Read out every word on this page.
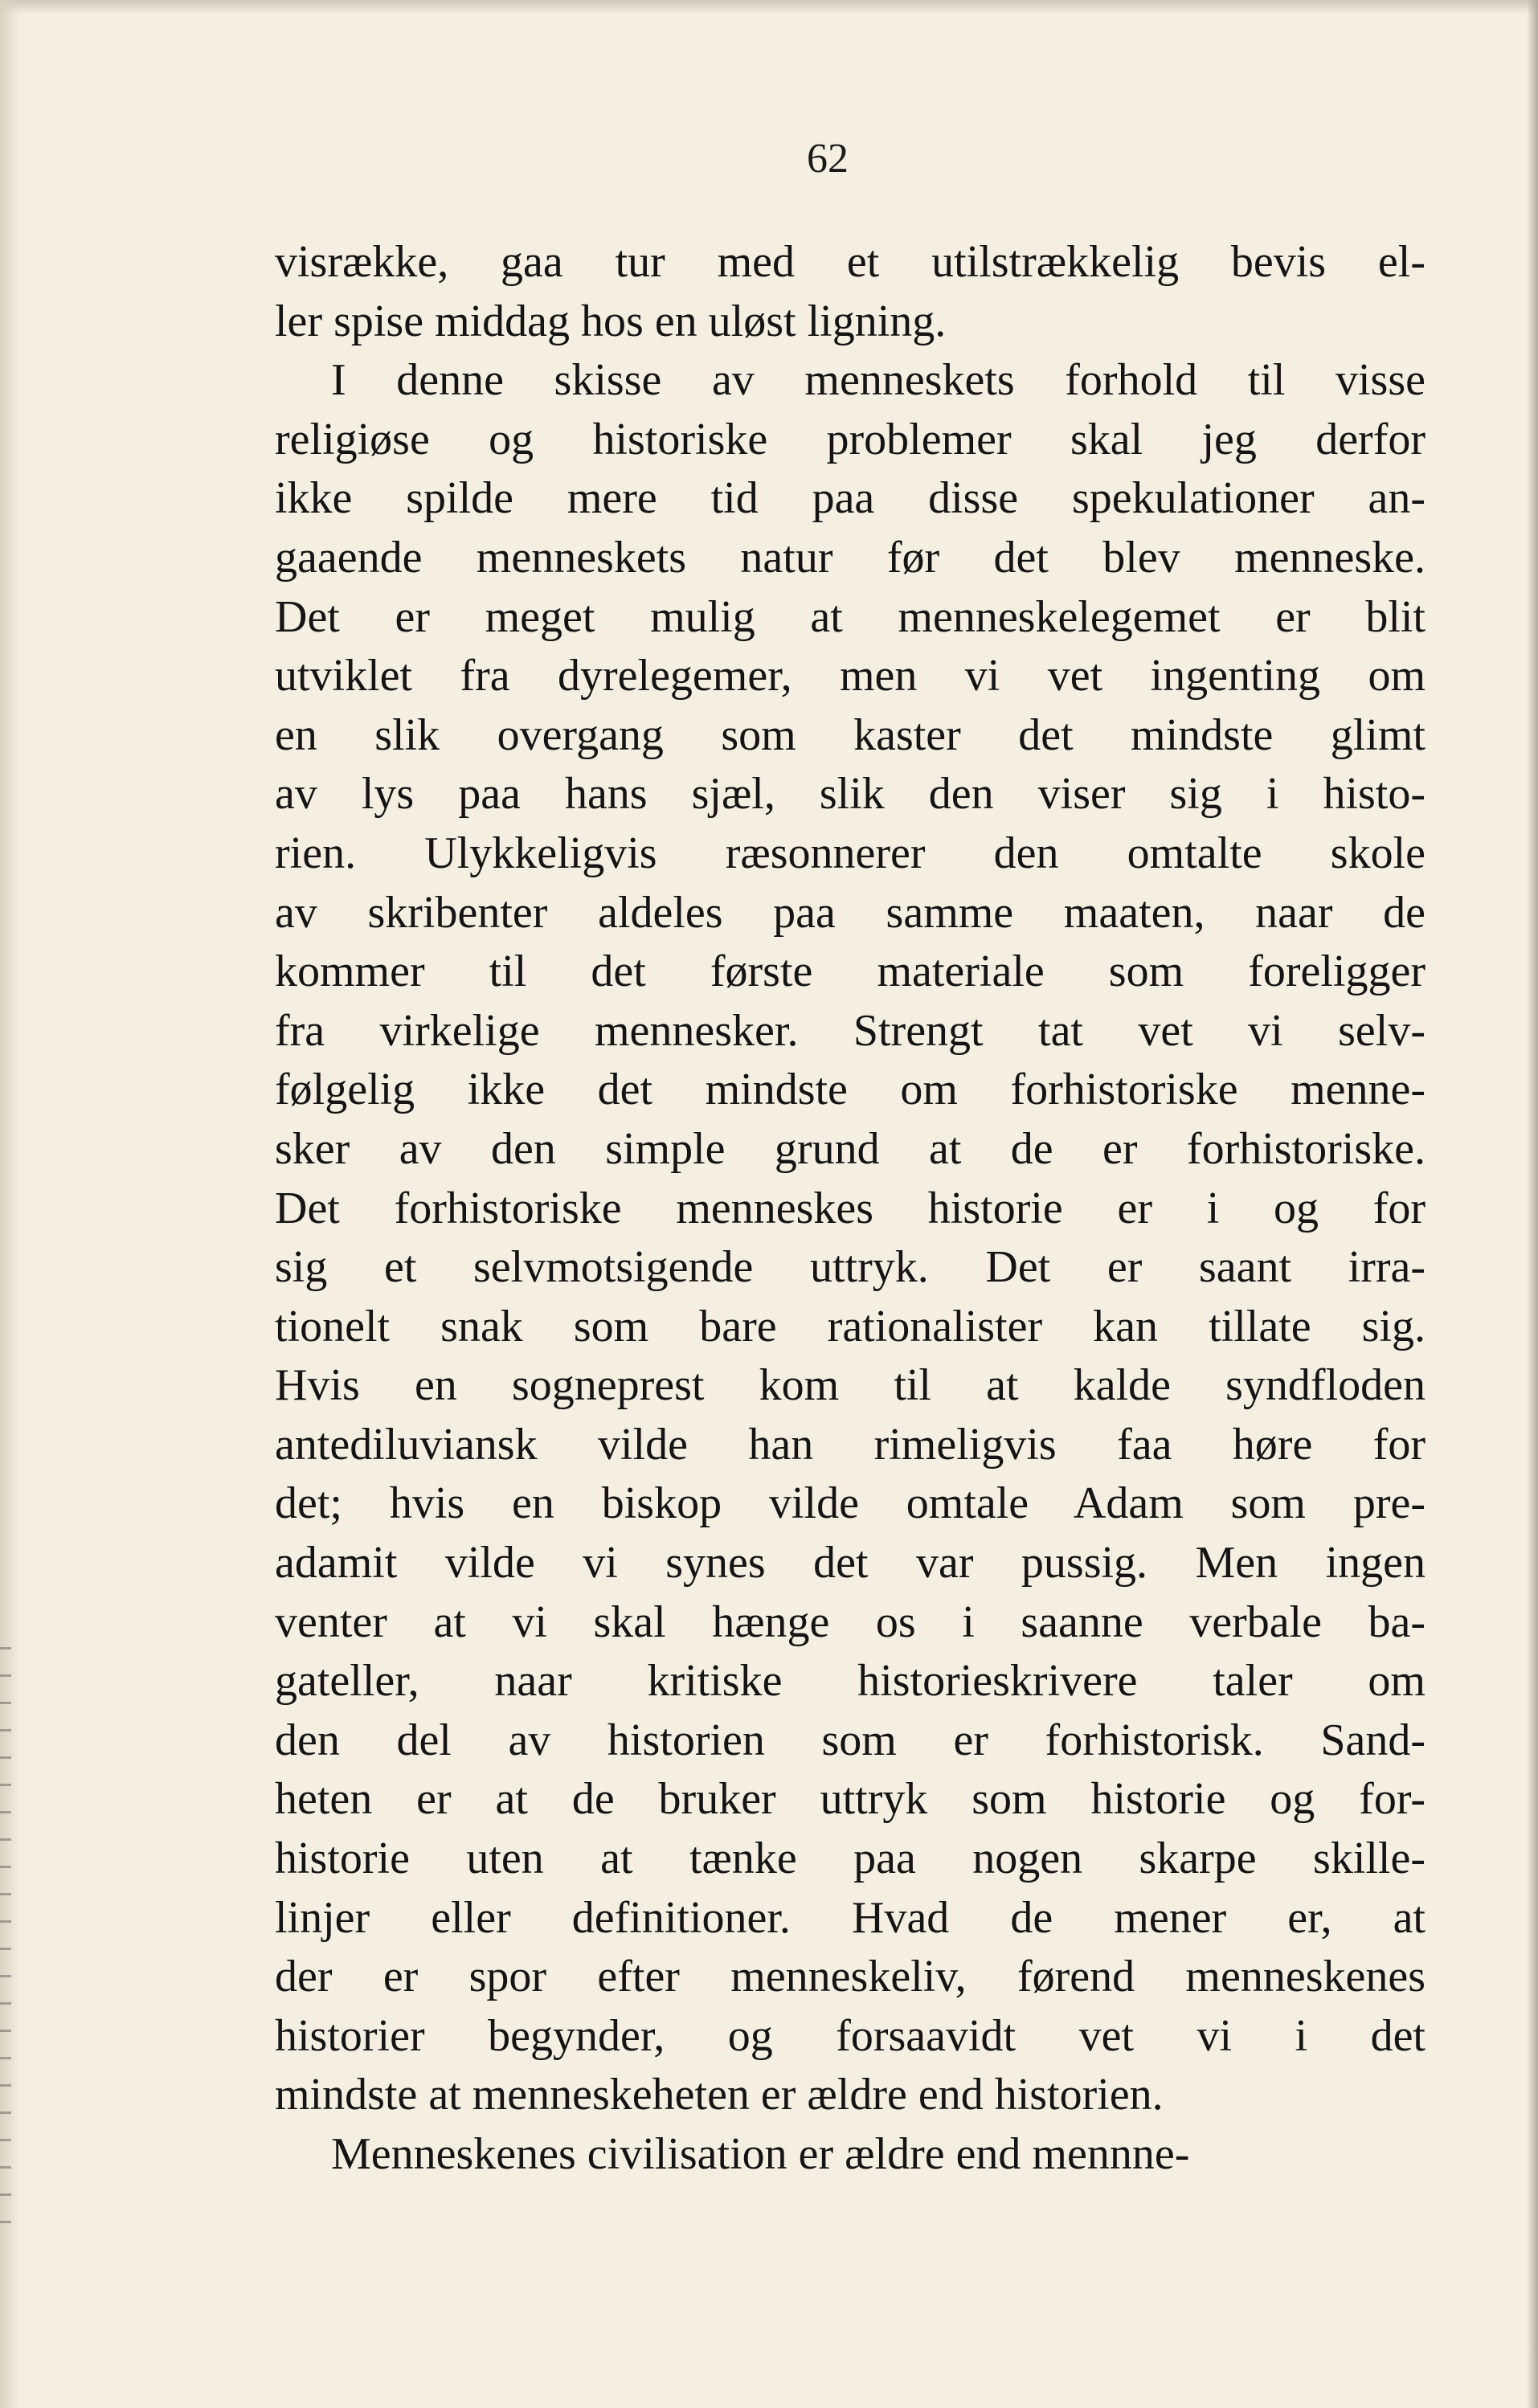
62

visrække, gaa tur med et utilstrækkelig bevis el-
ler spise middag hos en uløst ligning.
I denne skisse av menneskets forhold til visse
religiøse og historiske problemer skal jeg derfor
ikke spilde mere tid paa disse spekulationer an-
gaaende menneskets natur før det blev menneske.
Det er meget mulig at menneskelegemet er blit
utviklet fra dyrelegemer, men vi vet ingenting om
en slik overgang som kaster det mindste glimt
av lys paa hans sjæl, slik den viser sig i histo-
rien. Ulykkeligvis ræsonnerer den omtalte skole
av skribenter aldeles paa samme maaten, naar de
kommer til det første materiale som foreligger
fra virkelige mennesker. Strengt tat vet vi selv-
følgelig ikke det mindste om forhistoriske menne-
sker av den simple grund at de er forhistoriske.
Det forhistoriske menneskes historie er i og for
sig et selvmotsigende uttryk. Det er saant irra-
tionelt snak som bare rationalister kan tillate sig.
Hvis en sogneprest kom til at kalde syndfloden
antediluviansk vilde han rimeligvis faa høre for
det; hvis en biskop vilde omtale Adam som pre-
adamit vilde vi synes det var pussig. Men ingen
venter at vi skal hænge os i saanne verbale ba-
gateller, naar kritiske historieskrivere taler om
den del av historien som er forhistorisk. Sand-
heten er at de bruker uttryk som historie og for-
historie uten at tænke paa nogen skarpe skille-
linjer eller definitioner. Hvad de mener er, at
der er spor efter menneskeliv, førend menneskenes
historier begynder, og forsaavidt vet vi i det
mindste at menneskeheten er ældre end historien.
Menneskenes civilisation er ældre end mennne-
